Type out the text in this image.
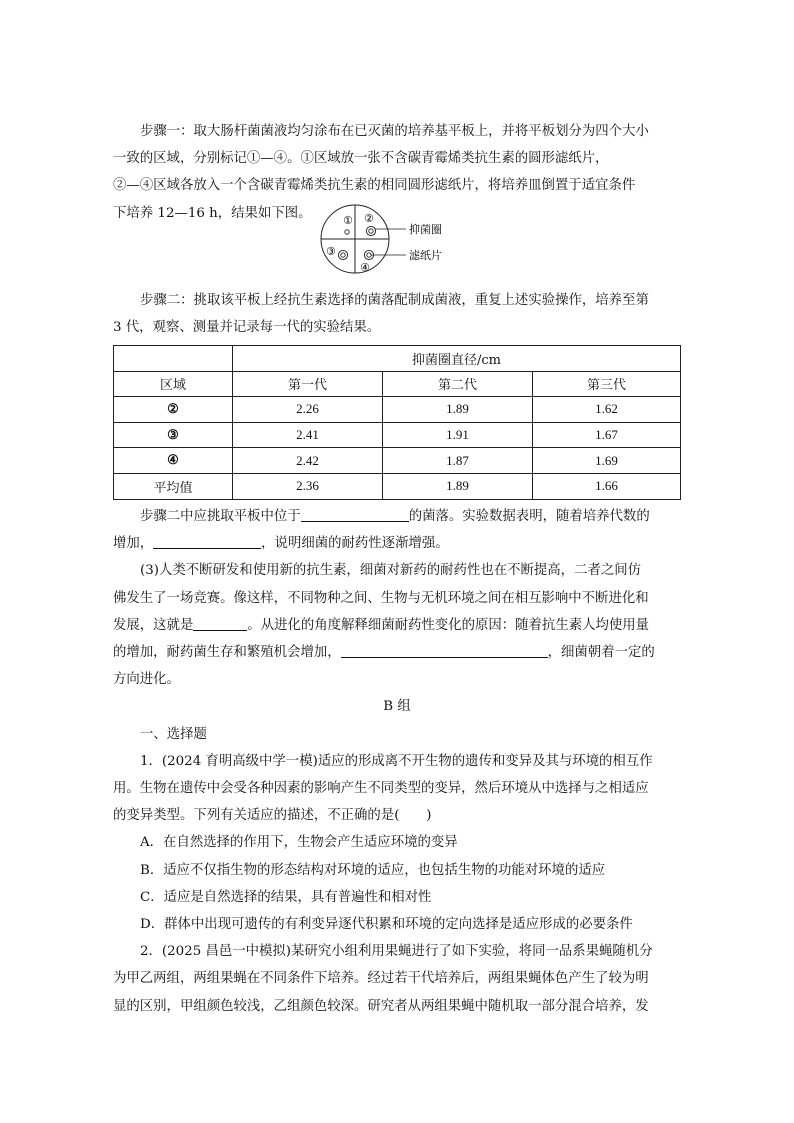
步骤一：取大肠杆菌菌液均匀涂布在已灭菌的培养基平板上，并将平板划分为四个大小

一致的区域，分别标记①—④。①区域放一张不含碳青霉烯类抗生素的圆形滤纸片，

②—④区域各放入一个含碳青霉烯类抗生素的相同圆形滤纸片，将培养皿倒置于适宜条件

下培养 12—16 h，结果如下图。	① ②
③
④
抑菌圈
滤纸片

步骤二：挑取该平板上经抗生素选择的菌落配制成菌液，重复上述实验操作，培养至第

3 代，观察、测量并记录每一代的实验结果。

	抑菌圈直径/cm		
区域	第一代	第二代	第三代
②	2.26	1.89	1.62
③	2.41	1.91	1.67
④	2.42	1.87	1.69
平均值	2.36	1.89	1.66

步骤二中应挑取平板中位于	的菌落。实验数据表明，随着培养代数的

增加，	，说明细菌的耐药性逐渐增强。

(3)人类不断研发和使用新的抗生素，细菌对新药的耐药性也在不断提高，二者之间仿

佛发生了一场竞赛。像这样，不同物种之间、生物与无机环境之间在相互影响中不断进化和

发展，这就是	。从进化的角度解释细菌耐药性变化的原因：随着抗生素人均使用量

的增加，耐药菌生存和繁殖机会增加，	，细菌朝着一定的

方向进化。

B 组

一、选择题

1．(2024 育明高级中学一模)适应的形成离不开生物的遗传和变异及其与环境的相互作

用。生物在遗传中会受各种因素的影响产生不同类型的变异，然后环境从中选择与之相适应

的变异类型。下列有关适应的描述，不正确的是(　　)

A．在自然选择的作用下，生物会产生适应环境的变异

B．适应不仅指生物的形态结构对环境的适应，也包括生物的功能对环境的适应

C．适应是自然选择的结果，具有普遍性和相对性

D．群体中出现可遗传的有利变异逐代积累和环境的定向选择是适应形成的必要条件

2．(2025 昌邑一中模拟)某研究小组利用果蝇进行了如下实验，将同一品系果蝇随机分

为甲乙两组，两组果蝇在不同条件下培养。经过若干代培养后，两组果蝇体色产生了较为明

显的区别，甲组颜色较浅，乙组颜色较深。研究者从两组果蝇中随机取一部分混合培养，发
